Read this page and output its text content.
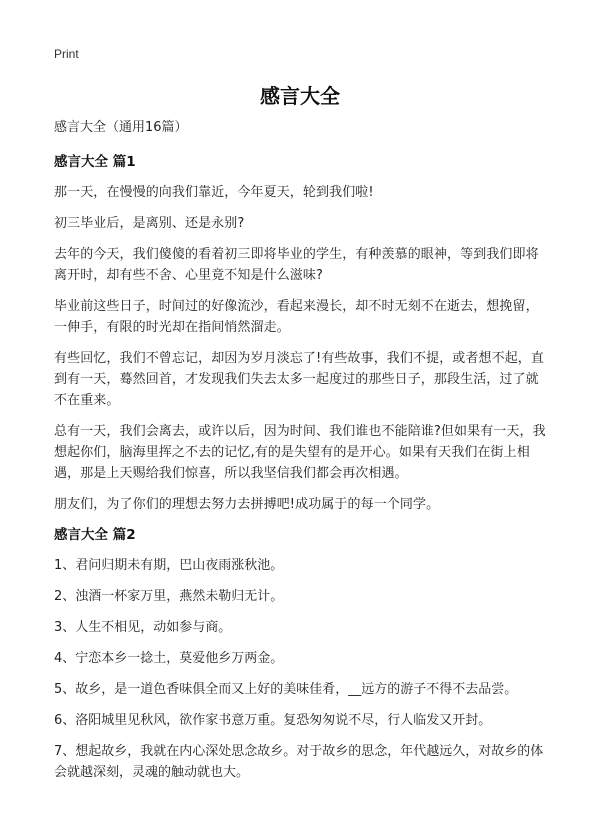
Print
感言大全
感言大全（通用16篇）
感言大全 篇1
那一天，在慢慢的向我们靠近，今年夏天，轮到我们啦!
初三毕业后，是离别、还是永别?
去年的今天，我们傻傻的看着初三即将毕业的学生，有种羡慕的眼神，等到我们即将离开时，却有些不舍、心里竟不知是什么滋味?
毕业前这些日子，时间过的好像流沙，看起来漫长，却不时无刻不在逝去，想挽留，一伸手，有限的时光却在指间悄然溜走。
有些回忆，我们不曾忘记，却因为岁月淡忘了!有些故事，我们不提，或者想不起，直到有一天，蓦然回首，才发现我们失去太多一起度过的那些日子，那段生活，过了就不在重来。
总有一天，我们会离去，或许以后，因为时间、我们谁也不能陪谁?但如果有一天，我想起你们，脑海里挥之不去的记忆,有的是失望有的是开心。如果有天我们在街上相遇，那是上天赐给我们惊喜，所以我坚信我们都会再次相遇。
朋友们，为了你们的理想去努力去拼搏吧!成功属于的每一个同学。
感言大全 篇2
1、君问归期未有期，巴山夜雨涨秋池。
2、浊酒一杯家万里，燕然未勒归无计。
3、人生不相见，动如参与商。
4、宁恋本乡一捻土，莫爱他乡万两金。
5、故乡，是一道色香味俱全而又上好的美味佳肴，__远方的游子不得不去品尝。
6、洛阳城里见秋风，欲作家书意万重。复恐匆匆说不尽，行人临发又开封。
7、想起故乡，我就在内心深处思念故乡。对于故乡的思念，年代越远久，对故乡的体会就越深刻，灵魂的触动就也大。
